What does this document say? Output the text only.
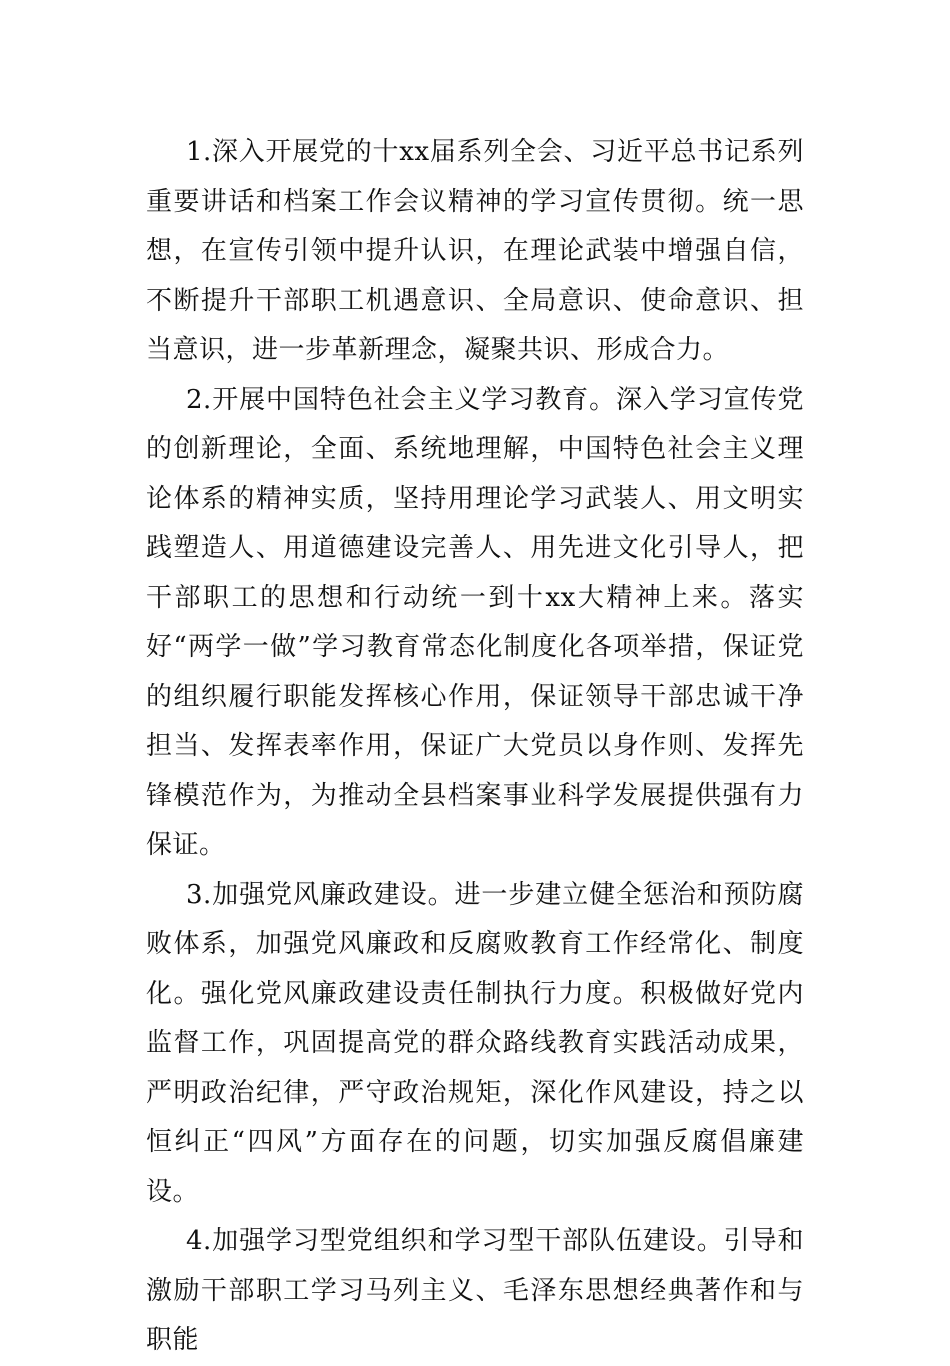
1.深入开展党的十xx届系列全会、习近平总书记系列重要讲话和档案工作会议精神的学习宣传贯彻。统一思想，在宣传引领中提升认识，在理论武装中增强自信，不断提升干部职工机遇意识、全局意识、使命意识、担当意识，进一步革新理念，凝聚共识、形成合力。

2.开展中国特色社会主义学习教育。深入学习宣传党的创新理论，全面、系统地理解，中国特色社会主义理论体系的精神实质，坚持用理论学习武装人、用文明实践塑造人、用道德建设完善人、用先进文化引导人，把干部职工的思想和行动统一到十xx大精神上来。落实好“两学一做”学习教育常态化制度化各项举措，保证党的组织履行职能发挥核心作用，保证领导干部忠诚干净担当、发挥表率作用，保证广大党员以身作则、发挥先锋模范作为，为推动全县档案事业科学发展提供强有力保证。

3.加强党风廉政建设。进一步建立健全惩治和预防腐败体系，加强党风廉政和反腐败教育工作经常化、制度化。强化党风廉政建设责任制执行力度。积极做好党内监督工作，巩固提高党的群众路线教育实践活动成果，严明政治纪律，严守政治规矩，深化作风建设，持之以恒纠正“四风”方面存在的问题，切实加强反腐倡廉建设。

4.加强学习型党组织和学习型干部队伍建设。引导和激励干部职工学习马列主义、毛泽东思想经典著作和与职能
